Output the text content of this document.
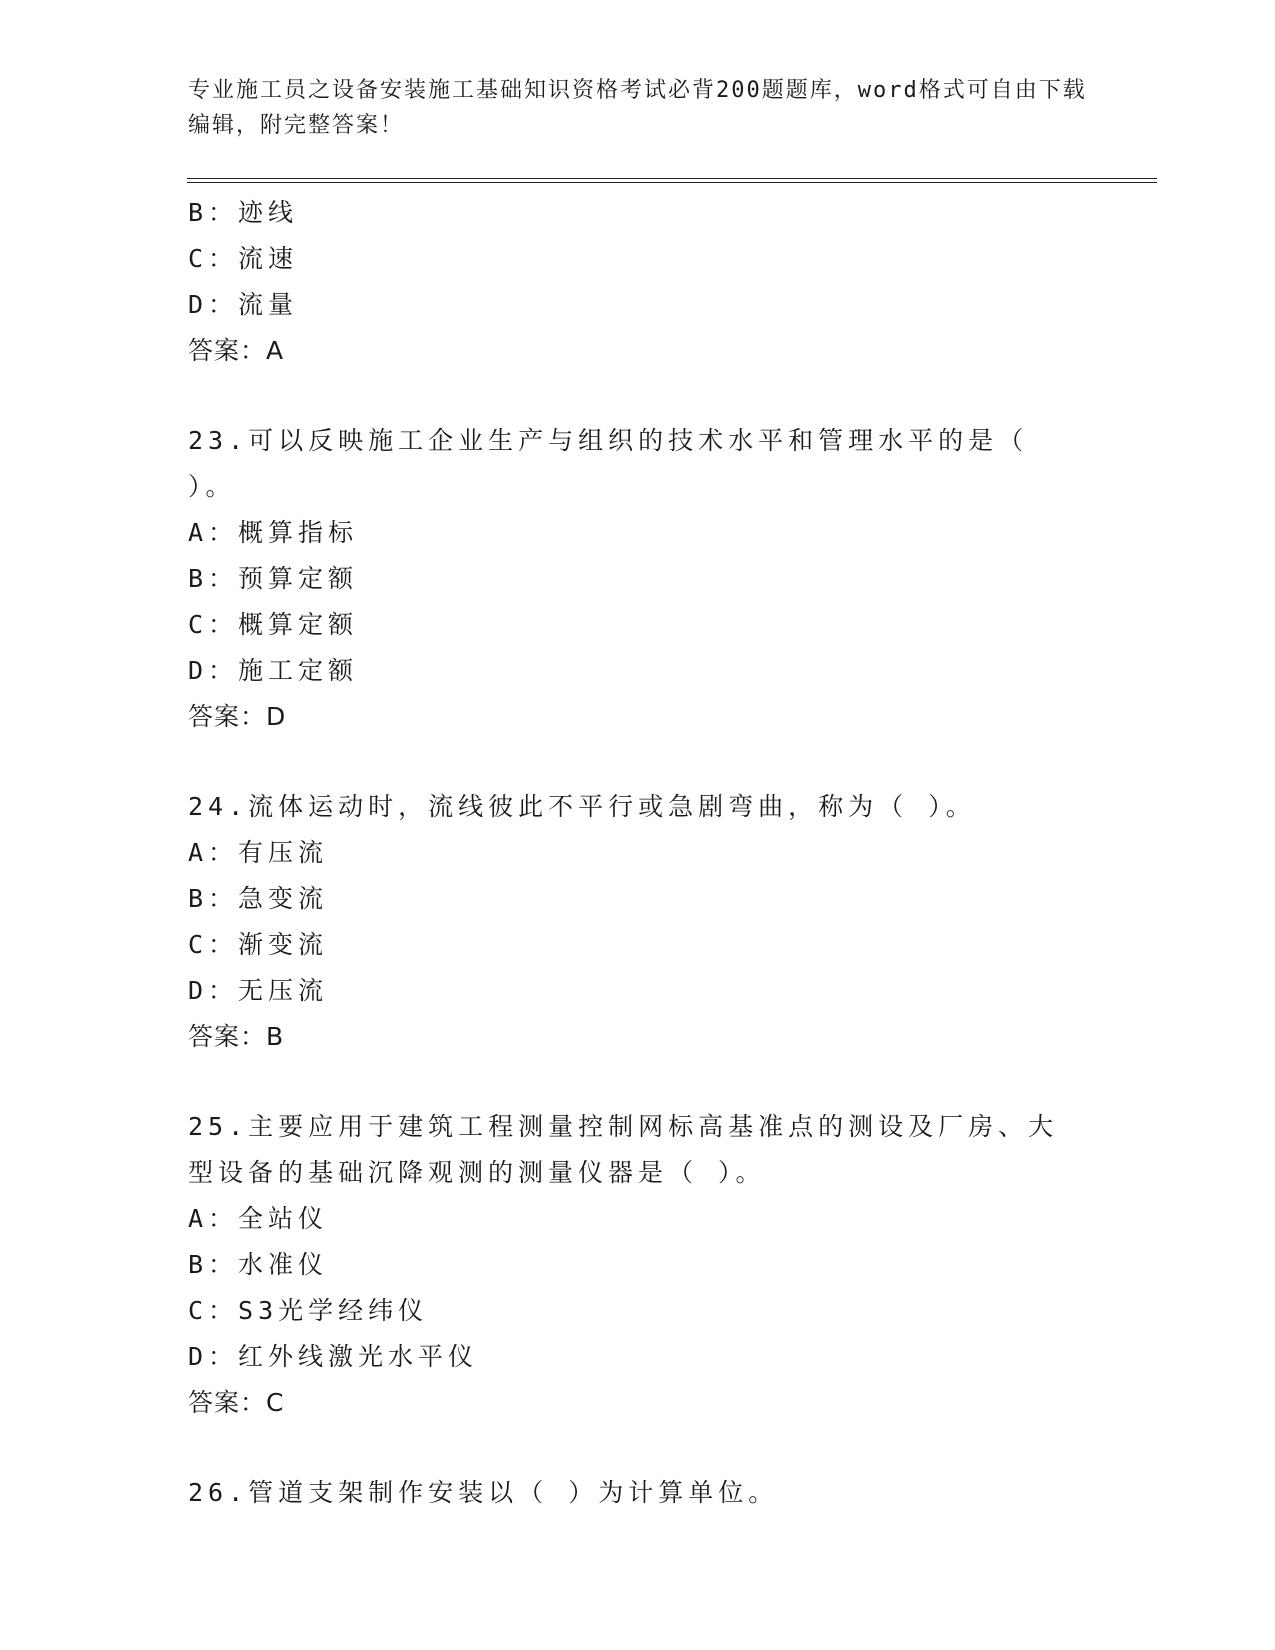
专业施工员之设备安装施工基础知识资格考试必背200题题库，word格式可自由下载编辑，附完整答案！
B：迹线
C：流速
D：流量
答案：A
23.可以反映施工企业生产与组织的技术水平和管理水平的是（ ）。
A：概算指标
B：预算定额
C：概算定额
D：施工定额
答案：D
24.流体运动时，流线彼此不平行或急剧弯曲，称为（ ）。
A：有压流
B：急变流
C：渐变流
D：无压流
答案：B
25.主要应用于建筑工程测量控制网标高基准点的测设及厂房、大型设备的基础沉降观测的测量仪器是（ ）。
A：全站仪
B：水准仪
C：S3光学经纬仪
D：红外线激光水平仪
答案：C
26.管道支架制作安装以（ ）为计算单位。
